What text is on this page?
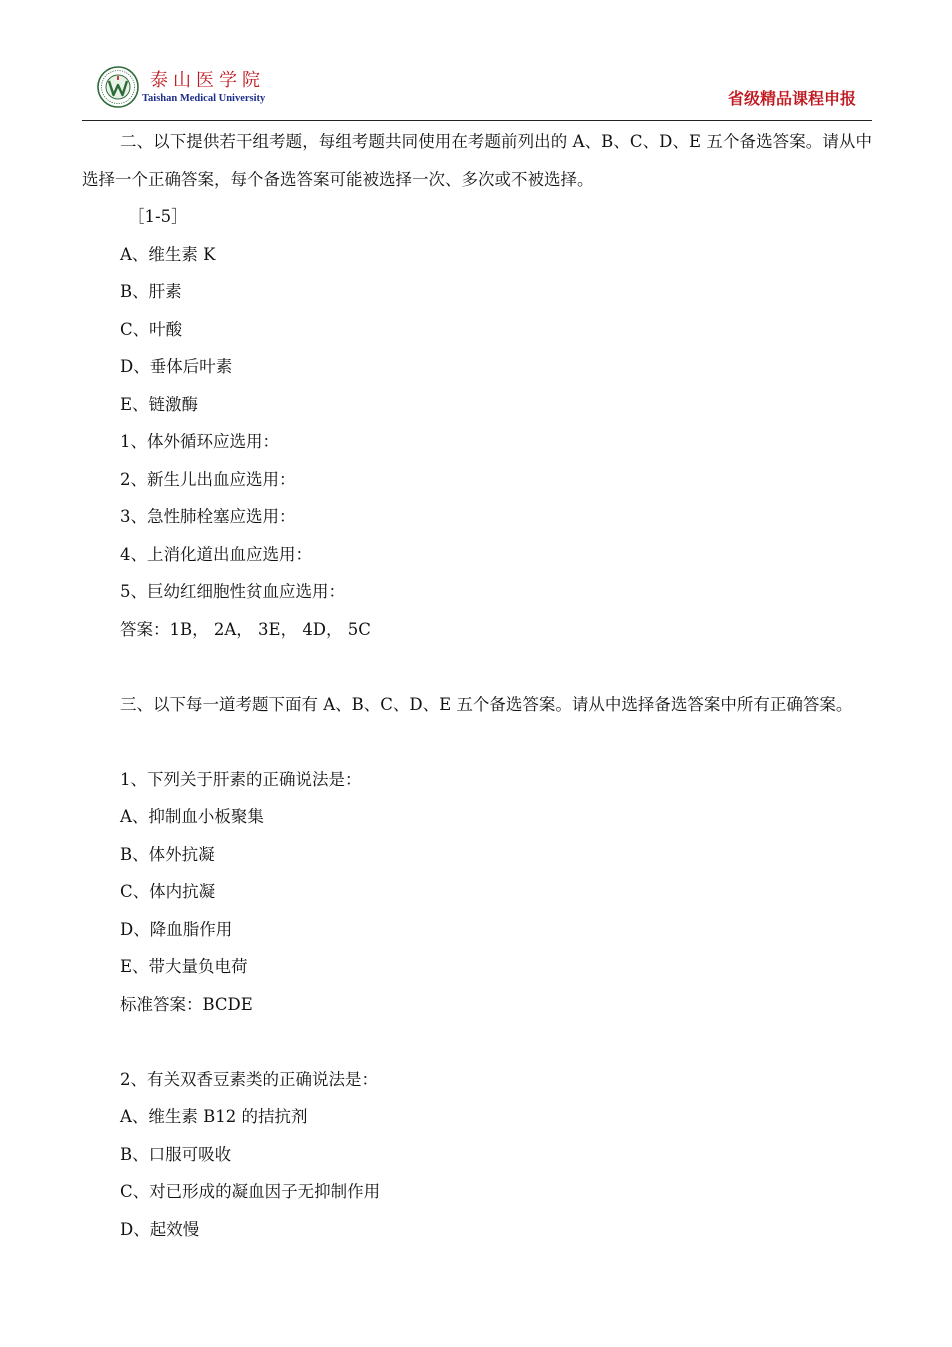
泰山医学院
Taishan Medical University	省级精品课程申报
二、以下提供若干组考题，每组考题共同使用在考题前列出的 A、B、C、D、E 五个备选答案。请从中选择一个正确答案，每个备选答案可能被选择一次、多次或不被选择。
［1-5］
A、维生素 K
B、肝素
C、叶酸
D、垂体后叶素
E、链激酶
1、体外循环应选用：
2、新生儿出血应选用：
3、急性肺栓塞应选用：
4、上消化道出血应选用：
5、巨幼红细胞性贫血应选用：
答案：1B， 2A， 3E， 4D， 5C
三、以下每一道考题下面有 A、B、C、D、E 五个备选答案。请从中选择备选答案中所有正确答案。
1、下列关于肝素的正确说法是：
A、抑制血小板聚集
B、体外抗凝
C、体内抗凝
D、降血脂作用
E、带大量负电荷
标准答案：BCDE
2、有关双香豆素类的正确说法是：
A、维生素 B12 的拮抗剂
B、口服可吸收
C、对已形成的凝血因子无抑制作用
D、起效慢
